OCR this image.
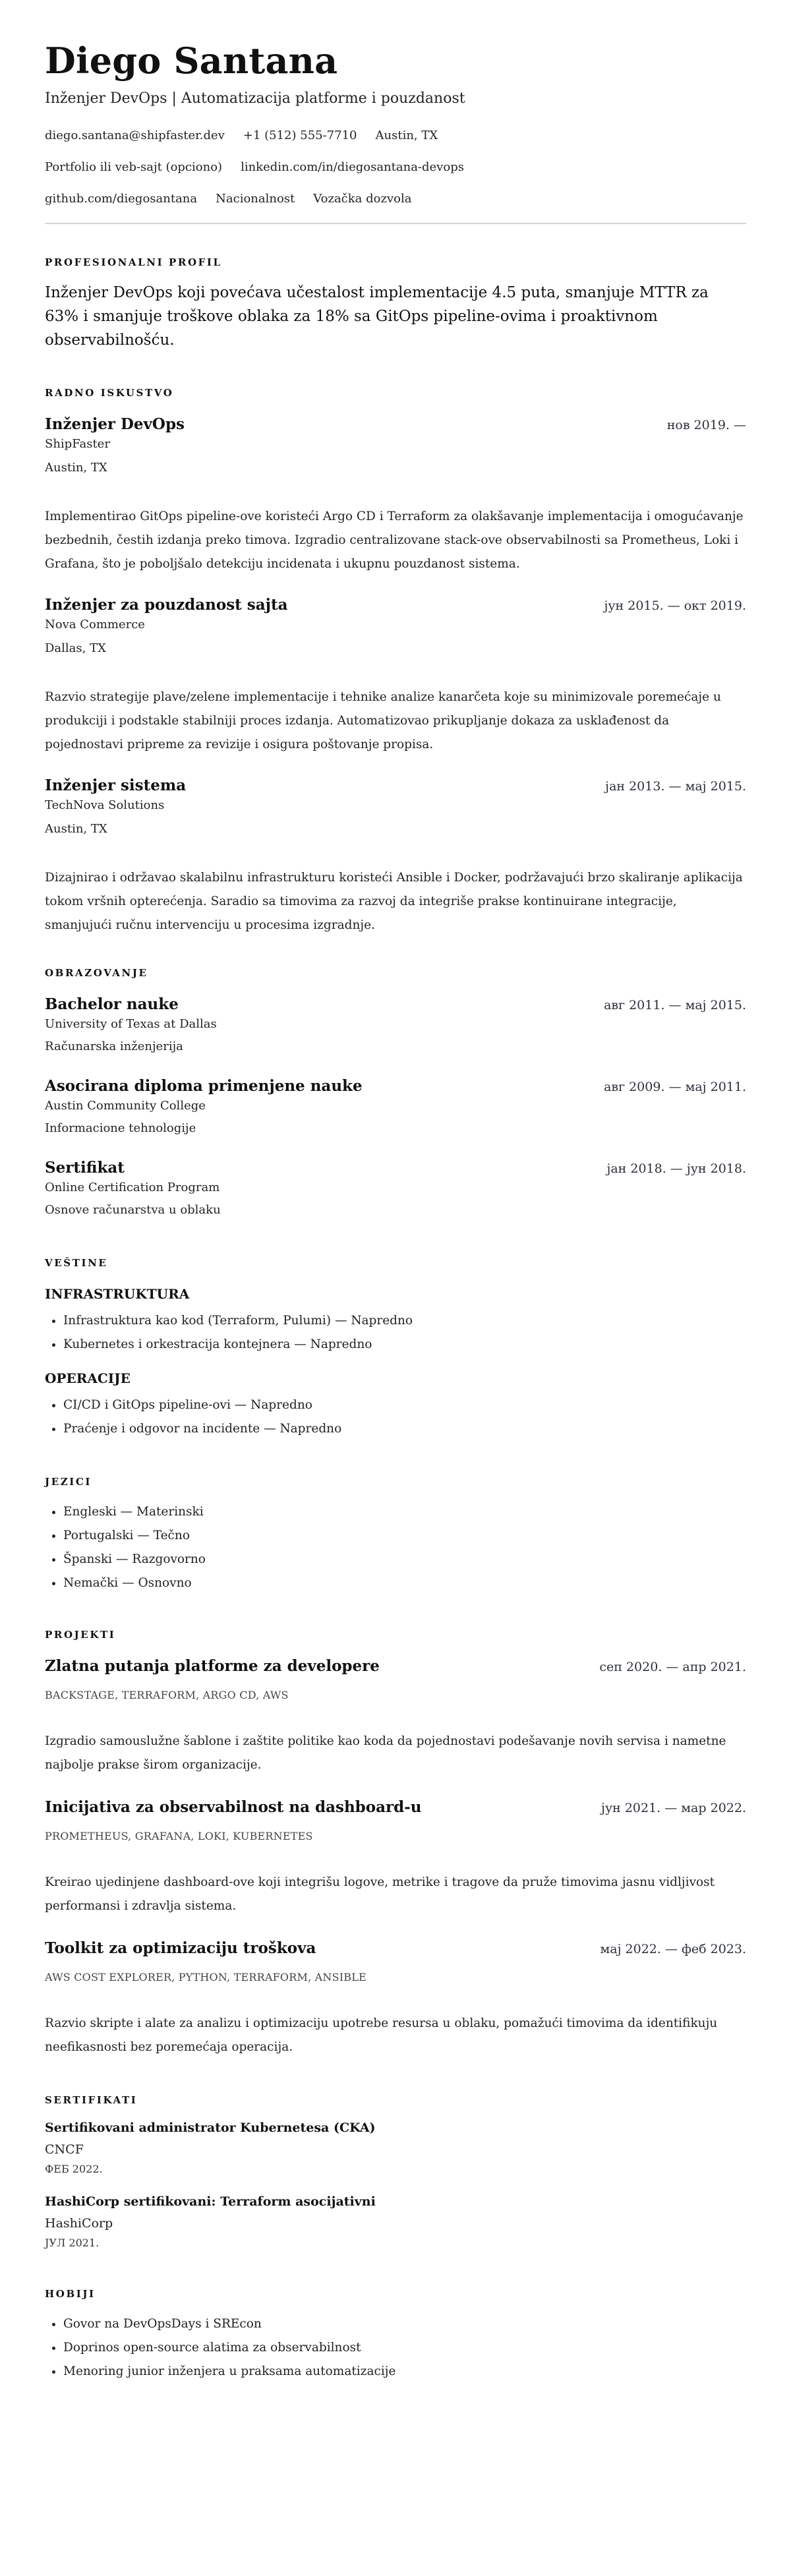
Diego Santana

Inženjer DevOps | Automatizacija platforme i pouzdanost

diego.santana@shipfaster.dev +1 (512) 555-7710 Austin, TX
Portfolio ili veb-sajt (opciono) linkedin.com/in/diegosantana-devops
github.com/diegosantana Nacionalnost Vozačka dozvola
PROFESIONALNI PROFIL

Inženjer DevOps koji povećava učestalost implementacije 4.5 puta, smanjuje MTTR za 63% i smanjuje troškove oblaka za 18% sa GitOps pipeline-ovima i proaktivnom observabilnošću.

RADNO ISKUSTVO
Inženjer DevOps	нов 2019. —
ShipFaster
Austin, TX

Implementirao GitOps pipeline-ove koristeći Argo CD i Terraform za olakšavanje implementacija i omogućavanje bezbednih, čestih izdanja preko timova. Izgradio centralizovane stack-ove observabilnosti sa Prometheus, Loki i Grafana, što je poboljšalo detekciju incidenata i ukupnu pouzdanost sistema.

Inženjer za pouzdanost sajta	јун 2015. — окт 2019.
Nova Commerce
Dallas, TX

Razvio strategije plave/zelene implementacije i tehnike analize kanarčeta koje su minimizovale poremećaje u produkciji i podstakle stabilniji proces izdanja. Automatizovao prikupljanje dokaza za usklađenost da pojednostavi pripreme za revizije i osigura poštovanje propisa.

Inženjer sistema	јан 2013. — мај 2015.
TechNova Solutions
Austin, TX

Dizajnirao i održavao skalabilnu infrastrukturu koristeći Ansible i Docker, podržavajući brzo skaliranje aplikacija tokom vršnih opterećenja. Saradio sa timovima za razvoj da integriše prakse kontinuirane integracije, smanjujući ručnu intervenciju u procesima izgradnje.

OBRAZOVANJE
Bachelor nauke	авг 2011. — мај 2015.
University of Texas at Dallas
Računarska inženjerija
Asocirana diploma primenjene nauke	авг 2009. — мај 2011.
Austin Community College
Informacione tehnologije
Sertifikat	јан 2018. — јун 2018.
Online Certification Program
Osnove računarstva u oblaku
VEŠTINE
INFRASTRUKTURA
• Infrastruktura kao kod (Terraform, Pulumi) — Napredno
• Kubernetes i orkestracija kontejnera — Napredno
OPERACIJE
• CI/CD i GitOps pipeline-ovi — Napredno
• Praćenje i odgovor na incidente — Napredno
JEZICI
• Engleski — Materinski
• Portugalski — Tečno
• Španski — Razgovorno
• Nemački — Osnovno
PROJEKTI
Zlatna putanja platforme za developere	сеп 2020. — апр 2021.
BACKSTAGE, TERRAFORM, ARGO CD, AWS

Izgradio samouslužne šablone i zaštite politike kao koda da pojednostavi podešavanje novih servisa i nametne najbolje prakse širom organizacije.

Inicijativa za observabilnost na dashboard-u	јун 2021. — мар 2022.
PROMETHEUS, GRAFANA, LOKI, KUBERNETES

Kreirao ujedinjene dashboard-ove koji integrišu logove, metrike i tragove da pruže timovima jasnu vidljivost performansi i zdravlja sistema.

Toolkit za optimizaciju troškova	мај 2022. — феб 2023.
AWS COST EXPLORER, PYTHON, TERRAFORM, ANSIBLE

Razvio skripte i alate za analizu i optimizaciju upotrebe resursa u oblaku, pomažući timovima da identifikuju neefikasnosti bez poremećaja operacija.

SERTIFIKATI
Sertifikovani administrator Kubernetesa (CKA)
CNCF
ФЕБ 2022.
HashiCorp sertifikovani: Terraform asocijativni
HashiCorp
ЈУЛ 2021.
HOBIJI
• Govor na DevOpsDays i SREcon
• Doprinos open-source alatima za observabilnost
• Menoring junior inženjera u praksama automatizacije
